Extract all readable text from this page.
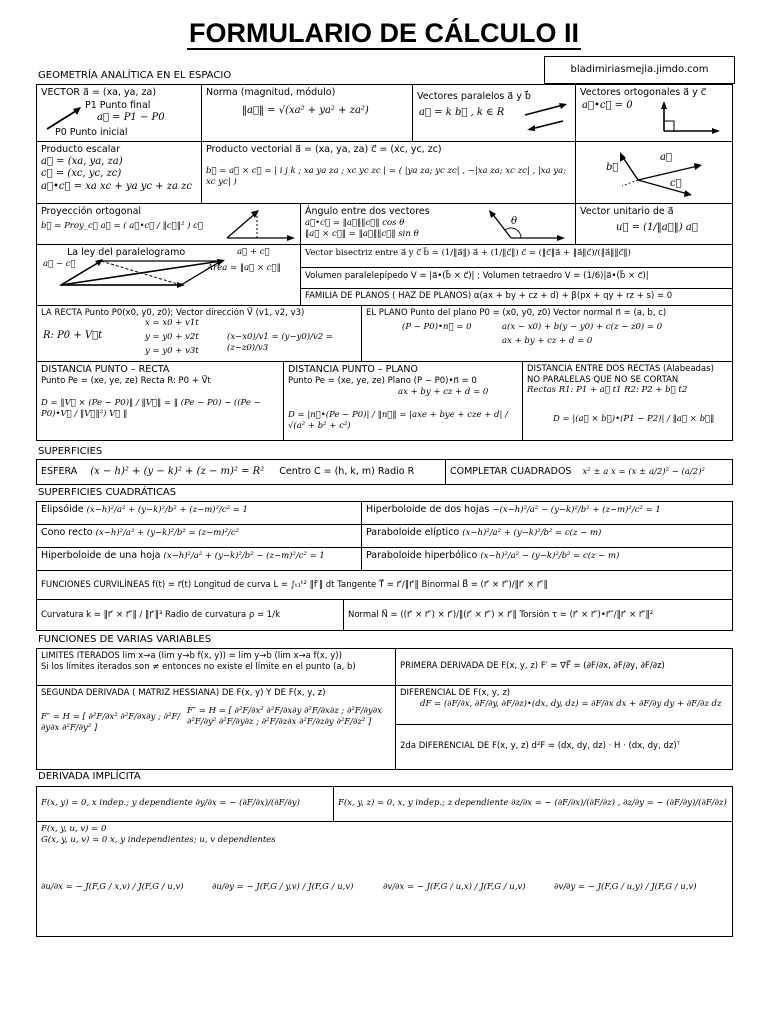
FORMULARIO DE CÁLCULO II
bladimiriasmejia.jimdo.com
GEOMETRÍA ANALÍTICA EN EL ESPACIO
VECTOR a⃗ = (xa, ya, za)
P1 Punto final
a⃗ = P1 − P0
P0 Punto inicial
Norma (magnitud, módulo)
‖a⃗‖ = √(xa² + ya² + za²)
Vectores paralelos a⃗ y b⃗
a⃗ = k b⃗ , k ∈ R
Vectores ortogonales a⃗ y c⃗
a⃗•c⃗ = 0
Producto escalar
a⃗ = (xa, ya, za)
c⃗ = (xc, yc, zc)
a⃗•c⃗ = xa xc + ya yc + za zc
Producto vectorial a⃗ = (xa, ya, za) c⃗ = (xc, yc, zc)
b⃗ = a⃗ × c⃗ = | i j k ; xa ya za ; xc yc zc | = ( |ya za; yc zc| , −|xa za; xc zc| , |xa ya; xc yc| )
b⃗
a⃗
c⃗
Proyección ortogonal
b⃗ = Proy_c⃗ a⃗ = ( a⃗•c⃗ / ‖c⃗‖² ) c⃗
Ángulo entre dos vectores
a⃗•c⃗ = ‖a⃗‖‖c⃗‖ cos θ
‖a⃗ × c⃗‖ = ‖a⃗‖‖c⃗‖ sin θ
θ
Vector unitario de a⃗
u⃗ = (1/‖a⃗‖) a⃗
La ley del paralelogramo
a⃗ − c⃗
a⃗ + c⃗
Área = ‖a⃗ × c⃗‖
Vector bisectriz entre a⃗ y c⃗ b⃗ = (1/‖a⃗‖) a⃗ + (1/‖c⃗‖) c⃗ = (‖c⃗‖a⃗ + ‖a⃗‖c⃗)/(‖a⃗‖‖c⃗‖)
Volumen paralelepípedo V = |a⃗•(b⃗ × c⃗)| ; Volumen tetraedro V = (1/6)|a⃗•(b⃗ × c⃗)|
FAMILIA DE PLANOS ( HAZ DE PLANOS) α(ax + by + cz + d) + β(px + qy + rz + s) = 0
LA RECTA Punto P0(x0, y0, z0); Vector dirección V⃗ (v1, v2, v3)
R: P0 + V⃗t
x = x0 + v1t
y = y0 + v2t
y = y0 + v3t
(x−x0)/v1 = (y−y0)/v2 = (z−z0)/v3
EL PLANO Punto del plano P0 = (x0, y0, z0) Vector normal n⃗ = (a, b, c)
(P − P0)•n⃗ = 0	a(x − x0) + b(y − y0) + c(z − z0) = 0
ax + by + cz + d = 0
DISTANCIA PUNTO – RECTA
Punto Pe = (xe, ye, ze) Recta R: P0 + V⃗t
D = ‖V⃗ × (Pe − P0)‖ / ‖V⃗‖ = ‖ (Pe − P0) − ((Pe − P0)•V⃗ / ‖V⃗‖²) V⃗ ‖
DISTANCIA PUNTO – PLANO
Punto Pe = (xe, ye, ze) Plano (P − P0)•n⃗ = 0
ax + by + cz + d = 0
D = |n⃗•(Pe − P0)| / ‖n⃗‖ = |axe + bye + cze + d| / √(a² + b² + c²)
DISTANCIA ENTRE DOS RECTAS (Alabeadas)
NO PARALELAS QUE NO SE CORTAN
Rectas R1: P1 + a⃗ t1 R2: P2 + b⃗ t2
D = |(a⃗ × b⃗)•(P1 − P2)| / ‖a⃗ × b⃗‖
SUPERFICIES
ESFERA (x − h)² + (y − k)² + (z − m)² = R² Centro C = (h, k, m) Radio R	COMPLETAR CUADRADOS x² ± a x = (x ± a/2)² − (a/2)²
SUPERFICIES CUADRÁTICAS
Elipsóide (x−h)²/a² + (y−k)²/b² + (z−m)²/c² = 1	Hiperboloide de dos hojas −(x−h)²/a² − (y−k)²/b² + (z−m)²/c² = 1
Cono recto (x−h)²/a² + (y−k)²/b² = (z−m)²/c²	Paraboloide elíptico (x−h)²/a² + (y−k)²/b² = c(z − m)
Hiperboloide de una hoja (x−h)²/a² + (y−k)²/b² − (z−m)²/c² = 1	Paraboloide hiperbólico (x−h)²/a² − (y−k)²/b² = c(z − m)
FUNCIONES CURVILÍNEAS f(t) = r⃗(t) Longitud de curva L = ∫ₜ₁ᵗ² ‖f′‖ dt Tangente T⃗ = r⃗′/‖r⃗′‖ Binormal B⃗ = (r⃗′ × r⃗″)/‖r⃗′ × r⃗″‖
Curvatura k = ‖r⃗′ × r⃗″‖ / ‖r⃗′‖³ Radio de curvatura ρ = 1/k	Normal N⃗ = ((r⃗′ × r⃗″) × r⃗′)/‖(r⃗′ × r⃗″) × r⃗′‖ Torsión τ = (r⃗′ × r⃗″)•r⃗‴/‖r⃗′ × r⃗″‖²
FUNCIONES DE VARIAS VARIABLES
LIMITES ITERADOS lim x→a (lim y→b f(x, y)) = lim y→b (lim x→a f(x, y))
Si los límites iterados son ≠ entonces no existe el límite en el punto (a, b)	PRIMERA DERIVADA DE F(x, y, z) F′ = ∇F⃗ = (∂F/∂x, ∂F/∂y, ∂F/∂z)
SEGUNDA DERIVADA ( MATRIZ HESSIANA) DE F(x, y) Y DE F(x, y, z)
F″ = H = [ ∂²F/∂x² ∂²F/∂x∂y ; ∂²F/∂y∂x ∂²F/∂y² ]
F″ = H = [ ∂²F/∂x² ∂²F/∂x∂y ∂²F/∂x∂z ; ∂²F/∂y∂x ∂²F/∂y² ∂²F/∂y∂z ; ∂²F/∂z∂x ∂²F/∂z∂y ∂²F/∂z² ]
DIFERENCIAL DE F(x, y, z)
dF = (∂F/∂x, ∂F/∂y, ∂F/∂z)•(dx, dy, dz) = ∂F/∂x dx + ∂F/∂y dy + ∂F/∂z dz
2da DIFERENCIAL DE F(x, y, z) d²F = (dx, dy, dz) · H · (dx, dy, dz)ᵀ
DERIVADA IMPLÍCITA
F(x, y) = 0, x indep.; y dependiente ∂y/∂x = − (∂F/∂x)/(∂F/∂y)	F(x, y, z) = 0, x, y indep.; z dependiente ∂z/∂x = − (∂F/∂x)/(∂F/∂z) , ∂z/∂y = − (∂F/∂y)/(∂F/∂z)
F(x, y, u, v) = 0
G(x, y, u, v) = 0 x, y independientes; u, v dependientes
∂u/∂x = − J(F,G / x,v) / J(F,G / u,v)	∂u/∂y = − J(F,G / y,v) / J(F,G / u,v)	∂v/∂x = − J(F,G / u,x) / J(F,G / u,v)	∂v/∂y = − J(F,G / u,y) / J(F,G / u,v)
